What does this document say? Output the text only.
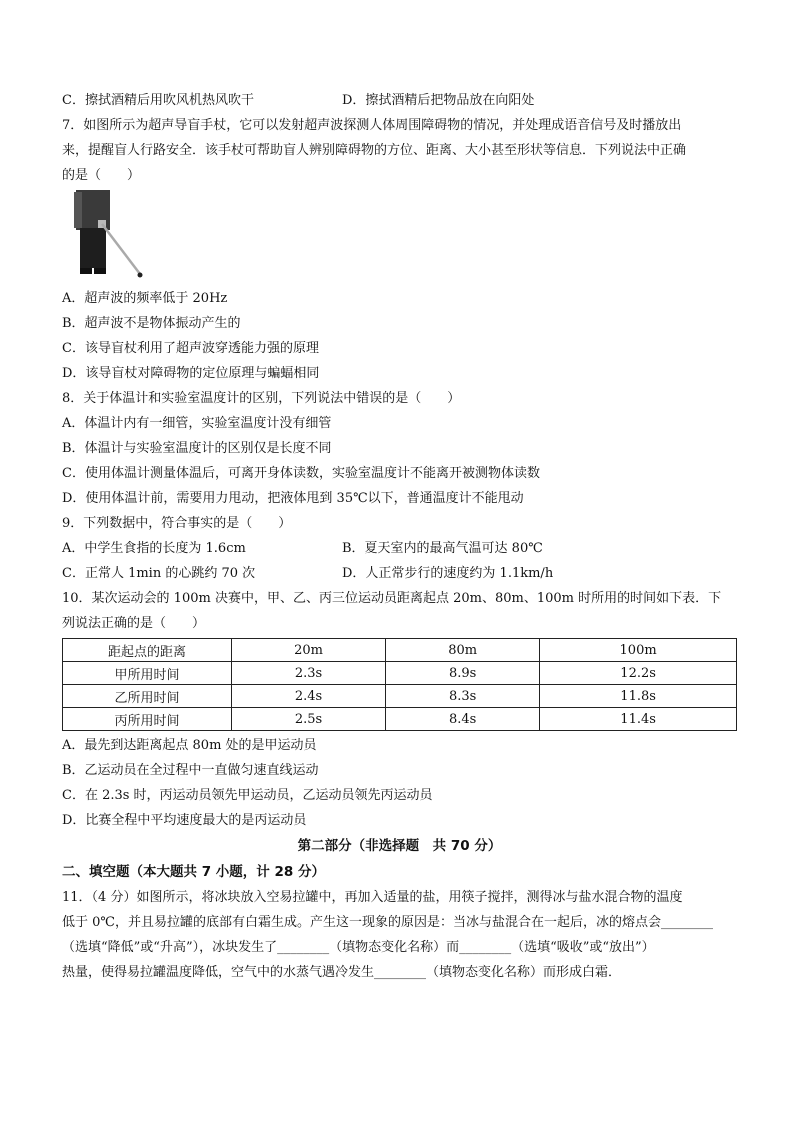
C．擦拭酒精后用吹风机热风吹干	D．擦拭酒精后把物品放在向阳处
7．如图所示为超声导盲手杖，它可以发射超声波探测人体周围障碍物的情况，并处理成语音信号及时播放出
来，提醒盲人行路安全．该手杖可帮助盲人辨别障碍物的方位、距离、大小甚至形状等信息．下列说法中正确
的是（　　）
A．超声波的频率低于 20Hz
B．超声波不是物体振动产生的
C．该导盲杖利用了超声波穿透能力强的原理
D．该导盲杖对障碍物的定位原理与蝙蝠相同
8．关于体温计和实验室温度计的区别，下列说法中错误的是（　　）
A．体温计内有一细管，实验室温度计没有细管
B．体温计与实验室温度计的区别仅是长度不同
C．使用体温计测量体温后，可离开身体读数，实验室温度计不能离开被测物体读数
D．使用体温计前，需要用力甩动，把液体甩到 35℃以下，普通温度计不能甩动
9．下列数据中，符合事实的是（　　）
A．中学生食指的长度为 1.6cm	B．夏天室内的最高气温可达 80℃
C．正常人 1min 的心跳约 70 次	D．人正常步行的速度约为 1.1km/h
10．某次运动会的 100m 决赛中，甲、乙、丙三位运动员距离起点 20m、80m、100m 时所用的时间如下表．下
列说法正确的是（　　）
距起点的距离	20m	80m	100m
甲所用时间	2.3s	8.9s	12.2s
乙所用时间	2.4s	8.3s	11.8s
丙所用时间	2.5s	8.4s	11.4s
A．最先到达距离起点 80m 处的是甲运动员
B．乙运动员在全过程中一直做匀速直线运动
C．在 2.3s 时，丙运动员领先甲运动员，乙运动员领先丙运动员
D．比赛全程中平均速度最大的是丙运动员
第二部分（非选择题　共 70 分）
二、填空题（本大题共 7 小题，计 28 分）
11．（4 分）如图所示，将冰块放入空易拉罐中，再加入适量的盐，用筷子搅拌，测得冰与盐水混合物的温度
低于 0℃，并且易拉罐的底部有白霜生成。产生这一现象的原因是：当冰与盐混合在一起后，冰的熔点会________
（选填“降低”或“升高”），冰块发生了________（填物态变化名称）而________（选填“吸收”或“放出”）
热量，使得易拉罐温度降低，空气中的水蒸气遇冷发生________（填物态变化名称）而形成白霜．
